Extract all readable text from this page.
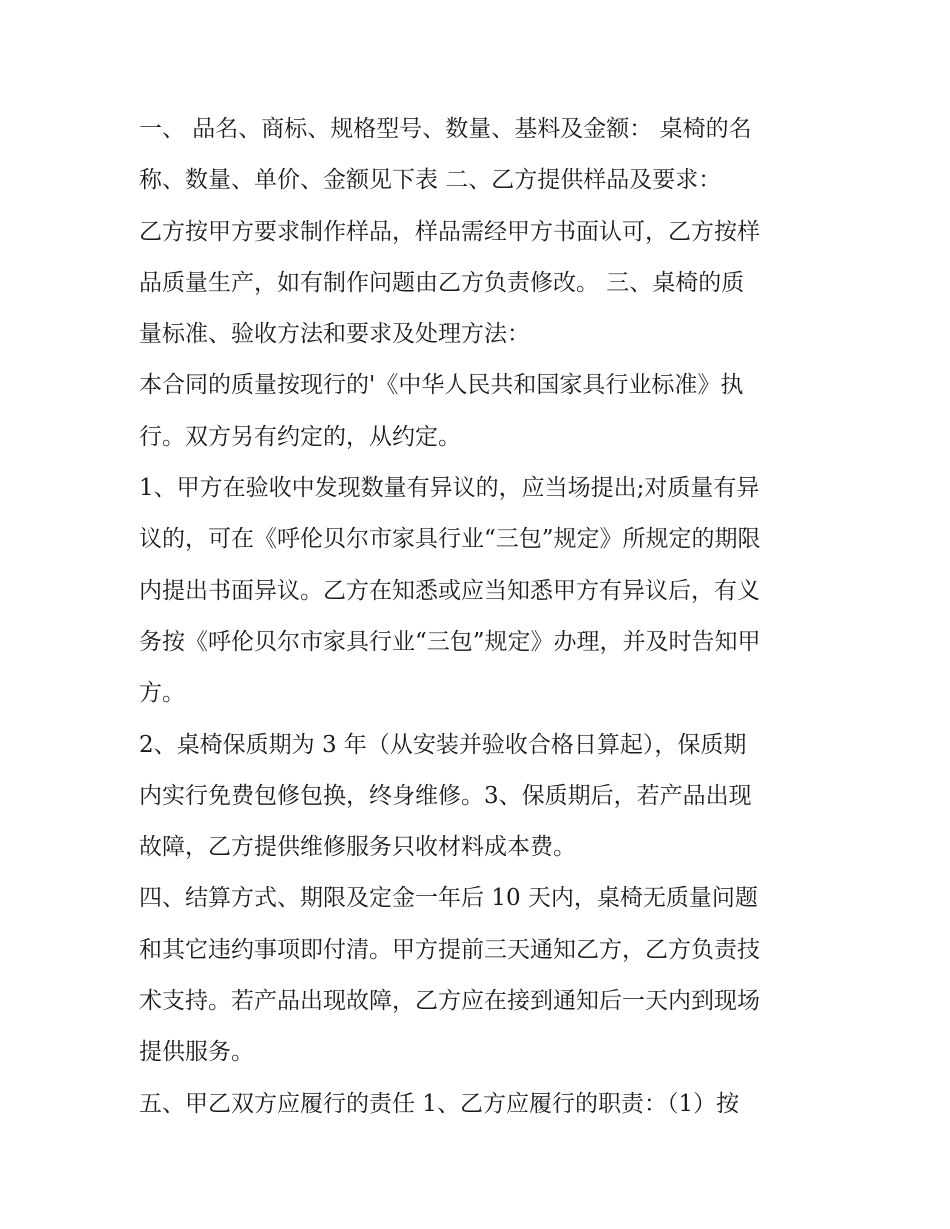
一、 品名、商标、规格型号、数量、基料及金额： 桌椅的名
称、数量、单价、金额见下表 二、乙方提供样品及要求：
乙方按甲方要求制作样品，样品需经甲方书面认可，乙方按样
品质量生产，如有制作问题由乙方负责修改。 三、桌椅的质
量标准、验收方法和要求及处理方法：
本合同的质量按现行的'《中华人民共和国家具行业标准》执
行。双方另有约定的，从约定。
1、甲方在验收中发现数量有异议的，应当场提出;对质量有异
议的，可在《呼伦贝尔市家具行业“三包”规定》所规定的期限
内提出书面异议。乙方在知悉或应当知悉甲方有异议后，有义
务按《呼伦贝尔市家具行业“三包”规定》办理，并及时告知甲
方。
2、桌椅保质期为 3 年（从安装并验收合格日算起），保质期
内实行免费包修包换，终身维修。3、保质期后，若产品出现
故障，乙方提供维修服务只收材料成本费。
四、结算方式、期限及定金一年后 10 天内，桌椅无质量问题
和其它违约事项即付清。甲方提前三天通知乙方，乙方负责技
术支持。若产品出现故障，乙方应在接到通知后一天内到现场
提供服务。
五、甲乙双方应履行的责任 1、乙方应履行的职责：（1）按
